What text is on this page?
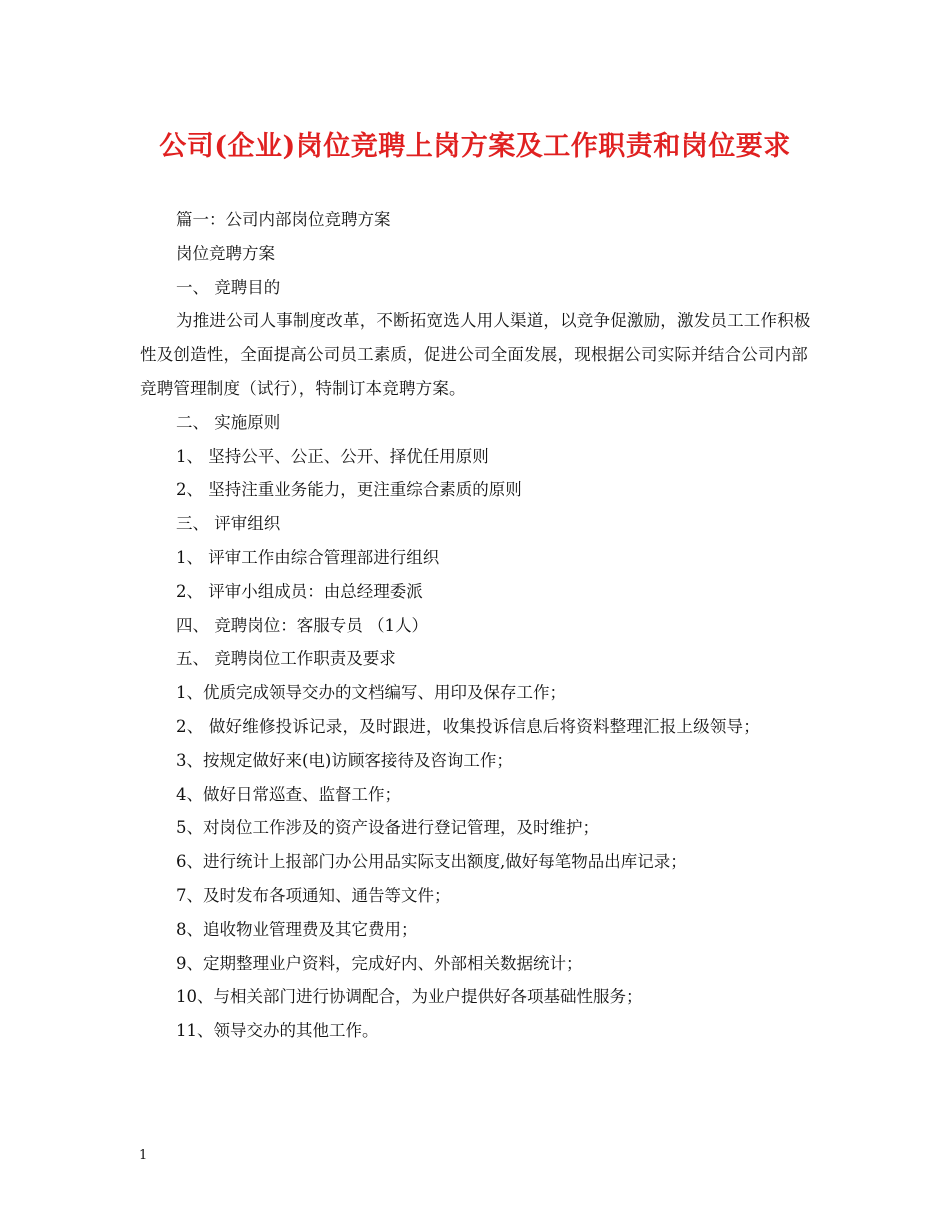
公司(企业)岗位竞聘上岗方案及工作职责和岗位要求

篇一：公司内部岗位竞聘方案

岗位竞聘方案

一、 竞聘目的

为推进公司人事制度改革，不断拓宽选人用人渠道，以竞争促激励，激发员工工作积极性及创造性，全面提高公司员工素质，促进公司全面发展，现根据公司实际并结合公司内部竞聘管理制度（试行），特制订本竞聘方案。

二、 实施原则

1、 坚持公平、公正、公开、择优任用原则

2、 坚持注重业务能力，更注重综合素质的原则

三、 评审组织

1、 评审工作由综合管理部进行组织

2、 评审小组成员：由总经理委派

四、 竞聘岗位：客服专员 （1人）

五、 竞聘岗位工作职责及要求

1、优质完成领导交办的文档编写、用印及保存工作；

2、 做好维修投诉记录，及时跟进，收集投诉信息后将资料整理汇报上级领导；

3、按规定做好来(电)访顾客接待及咨询工作；

4、做好日常巡查、监督工作；

5、对岗位工作涉及的资产设备进行登记管理，及时维护；

6、进行统计上报部门办公用品实际支出额度,做好每笔物品出库记录；

7、及时发布各项通知、通告等文件；

8、追收物业管理费及其它费用；

9、定期整理业户资料，完成好内、外部相关数据统计；

10、与相关部门进行协调配合，为业户提供好各项基础性服务；

11、领导交办的其他工作。

1
